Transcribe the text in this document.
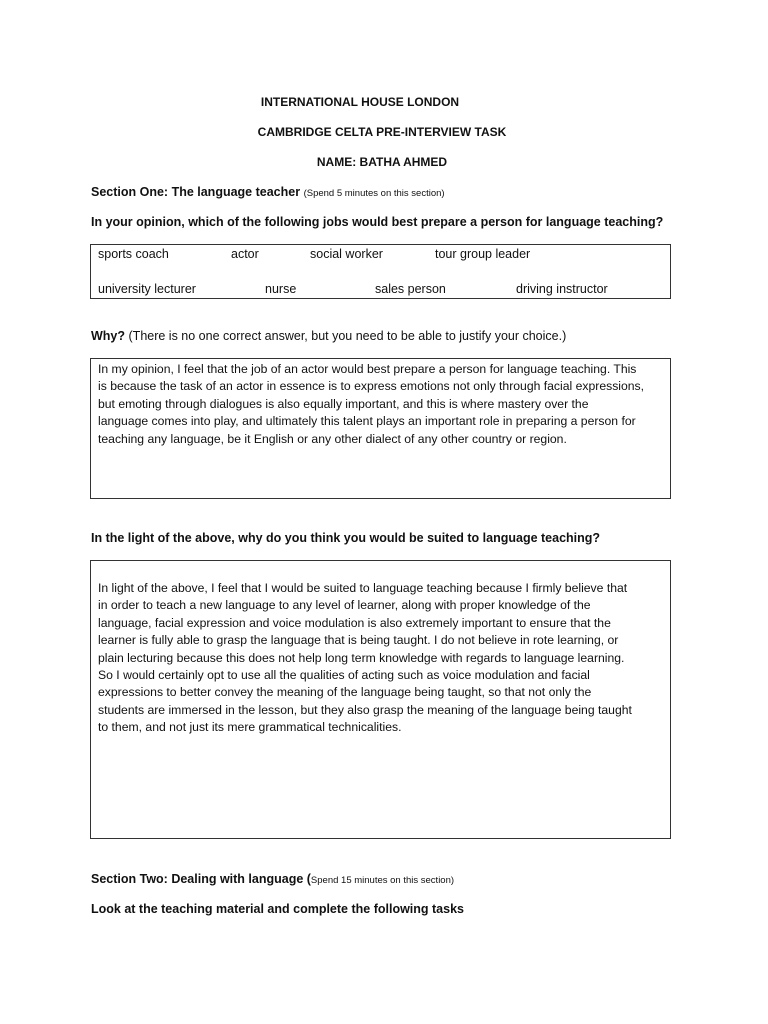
INTERNATIONAL HOUSE LONDON
CAMBRIDGE CELTA PRE-INTERVIEW TASK
NAME: BATHA AHMED
Section One: The language teacher (Spend 5 minutes on this section)
In your opinion, which of the following jobs would best prepare a person for language teaching?
sports coach	actor	social worker	tour group leader
university lecturer	nurse	sales person	driving instructor
Why? (There is no one correct answer, but you need to be able to justify your choice.)
In my opinion, I feel that the job of an actor would best prepare a person for language teaching. This
is because the task of an actor in essence is to express emotions not only through facial expressions,
but emoting through dialogues is also equally important, and this is where mastery over the
language comes into play, and ultimately this talent plays an important role in preparing a person for
teaching any language, be it English or any other dialect of any other country or region.
In the light of the above, why do you think you would be suited to language teaching?
In light of the above, I feel that I would be suited to language teaching because I firmly believe that
in order to teach a new language to any level of learner, along with proper knowledge of the
language, facial expression and voice modulation is also extremely important to ensure that the
learner is fully able to grasp the language that is being taught. I do not believe in rote learning, or
plain lecturing because this does not help long term knowledge with regards to language learning.
So I would certainly opt to use all the qualities of acting such as voice modulation and facial
expressions to better convey the meaning of the language being taught, so that not only the
students are immersed in the lesson, but they also grasp the meaning of the language being taught
to them, and not just its mere grammatical technicalities.
Section Two: Dealing with language (Spend 15 minutes on this section)
Look at the teaching material and complete the following tasks
